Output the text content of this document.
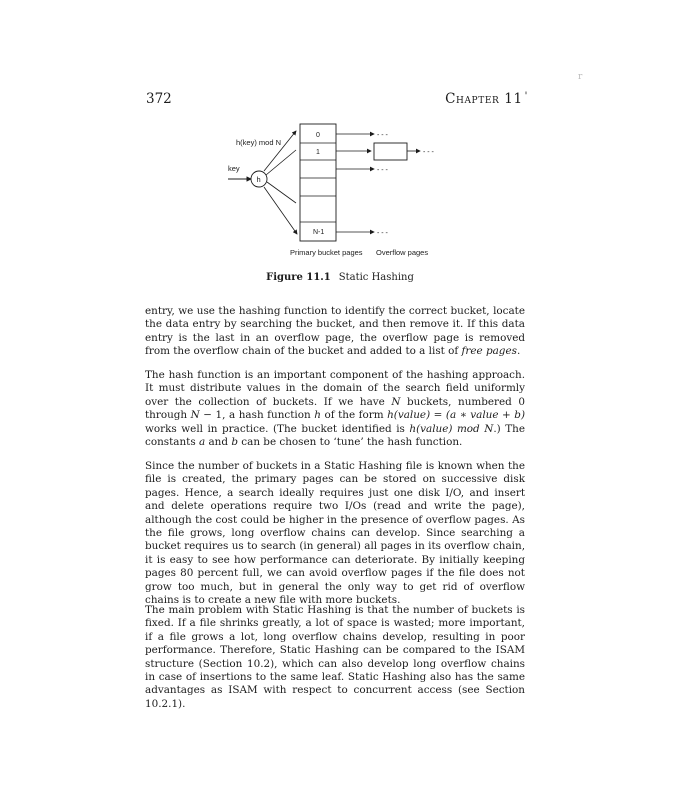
372	Chapter 11 '
r
h(key) mod N
key
h
0
1
N-1
- - -
- - -
- - -
- - -
Primary bucket pages Overflow pages
Figure 11.1 Static Hashing

entry, we use the hashing function to identify the correct bucket, locate the data entry by searching the bucket, and then remove it. If this data entry is the last in an overflow page, the overflow page is removed from the overflow chain of the bucket and added to a list of free pages.

The hash function is an important component of the hashing approach. It must distribute values in the domain of the search field uniformly over the collection of buckets. If we have N buckets, numbered 0 through N − 1, a hash function h of the form h(value) = (a ∗ value + b) works well in practice. (The bucket identified is h(value) mod N.) The constants a and b can be chosen to ‘tune’ the hash function.

Since the number of buckets in a Static Hashing file is known when the file is created, the primary pages can be stored on successive disk pages. Hence, a search ideally requires just one disk I/O, and insert and delete operations require two I/Os (read and write the page), although the cost could be higher in the presence of overflow pages. As the file grows, long overflow chains can develop. Since searching a bucket requires us to search (in general) all pages in its overflow chain, it is easy to see how performance can deteriorate. By initially keeping pages 80 percent full, we can avoid overflow pages if the file does not grow too much, but in general the only way to get rid of overflow chains is to create a new file with more buckets.

The main problem with Static Hashing is that the number of buckets is fixed. If a file shrinks greatly, a lot of space is wasted; more important, if a file grows a lot, long overflow chains develop, resulting in poor performance. Therefore, Static Hashing can be compared to the ISAM structure (Section 10.2), which can also develop long overflow chains in case of insertions to the same leaf. Static Hashing also has the same advantages as ISAM with respect to concurrent access (see Section 10.2.1).
